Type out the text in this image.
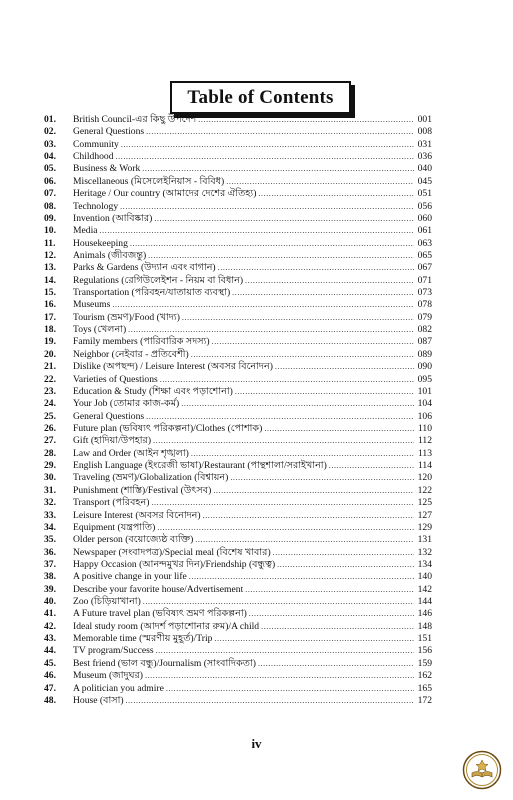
Table of Contents
01.	British Council-এর কিছু উপদেশ .....	001
02.	General Questions .....	008
03.	Community .....	031
04.	Childhood .....	036
05.	Business & Work .....	040
06.	Miscellaneous (মিসেলেইনিয়াস - বিবিধ) .....	045
07.	Heritage / Our country (আমাদের দেশের ঐতিহ্য) .....	051
08.	Technology .....	056
09.	Invention (আবিষ্কার) .....	060
10.	Media .....	061
11.	Housekeeping .....	063
12.	Animals (জীবজন্তু) .....	065
13.	Parks & Gardens (উদ্যান এবং বাগান) .....	067
14.	Regulations (রেগিউলেইশন - নিয়ম বা বিধান) .....	071
15.	Transportation (পরিবহন/যাতায়াত ব্যবস্থা) .....	073
16.	Museums .....	078
17.	Tourism (ভ্রমণ)/Food (খাদ্য) .....	079
18.	Toys (খেলনা) .....	082
19.	Family members (পারিবারিক সদস্য) .....	087
20.	Neighbor (নেইবার - প্রতিবেশী) .....	089
21.	Dislike (অপছন্দ) / Leisure Interest (অবসর বিনোদন) .....	090
22.	Varieties of Questions .....	095
23.	Education & Study (শিক্ষা এবং পড়াশোনা) .....	101
24.	Your Job (তোমার কাজ-কর্ম) .....	104
25.	General Questions .....	106
26.	Future plan (ভবিষ্যৎ পরিকল্পনা)/Clothes (পোশাক) .....	110
27.	Gift (হাদিয়া/উপহার) .....	112
28.	Law and Order (আইন শৃঙ্খলা) .....	113
29.	English Language (ইংরেজী ভাষা)/Restaurant (পান্থশালা/সরাইখানা) .....	114
30.	Traveling (ভ্রমণ)/Globalization (বিশ্বায়ন) .....	120
31.	Punishment (শাস্তি)/Festival (উৎসব) .....	122
32.	Transport (পরিবহন) .....	125
33.	Leisure Interest (অবসর বিনোদন) .....	127
34.	Equipment (যন্ত্রপাতি) .....	129
35.	Older person (বয়োজ্যেষ্ঠ ব্যক্তি) .....	131
36.	Newspaper (সংবাদপত্র)/Special meal (বিশেষ খাবার) .....	132
37.	Happy Occasion (আনন্দমুখর দিন)/Friendship (বন্ধুত্ব) .....	134
38.	A positive change in your life .....	140
39.	Describe your favorite house/Advertisement .....	142
40.	Zoo (চিড়িয়াখানা) .....	144
41.	A Future travel plan (ভবিষ্যৎ ভ্রমণ পরিকল্পনা) .....	146
42.	Ideal study room (আদর্শ পড়াশোনার রুম)/A child .....	148
43.	Memorable time (স্মরণীয় মুহূর্ত)/Trip .....	151
44.	TV program/Success .....	156
45.	Best friend (ভাল বন্ধু)/Journalism (সাংবাদিকতা) .....	159
46.	Museum (জাদুঘর) .....	162
47.	A politician you admire .....	165
48.	House (বাসা) .....	172
iv
